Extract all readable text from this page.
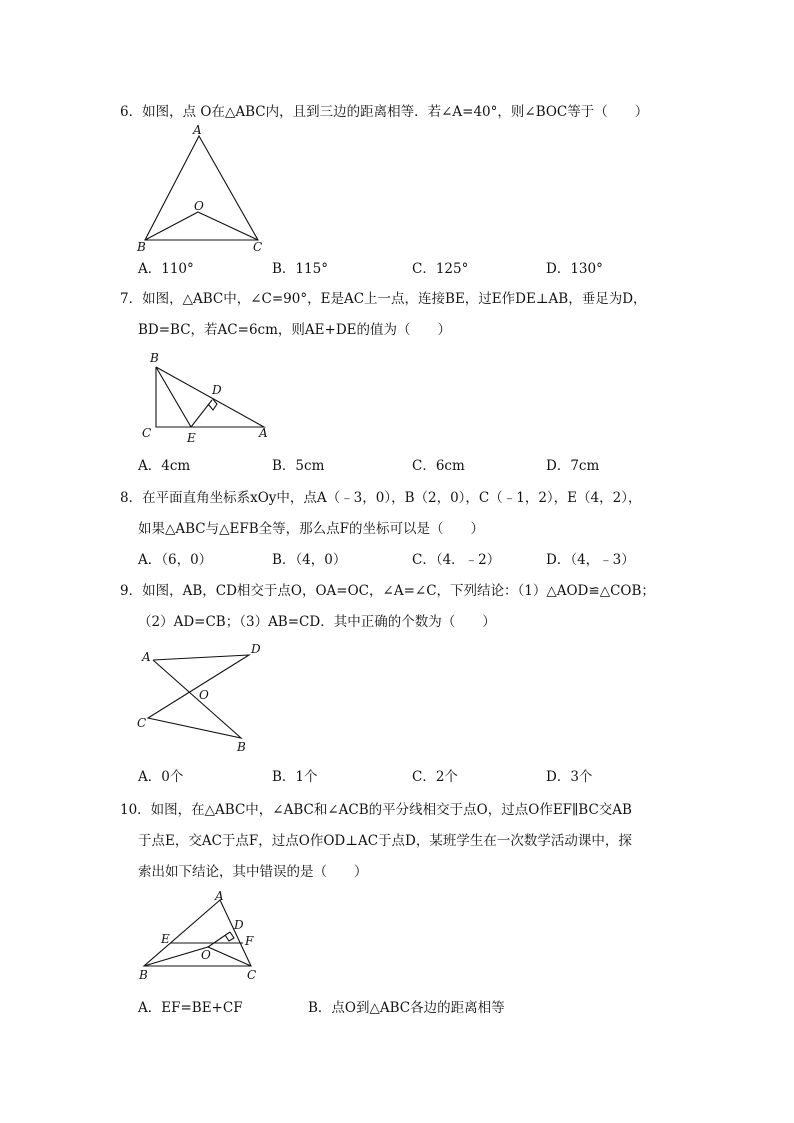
6．如图，点 O在△ABC内，且到三边的距离相等．若∠A=40°，则∠BOC等于（　　）
A
O
B	C
A．110°	B．115°	C．125°	D．130°
7．如图，△ABC中，∠C=90°，E是AC上一点，连接BE，过E作DE⊥AB，垂足为D，
BD=BC，若AC=6cm，则AE+DE的值为（　　）
B
D
C	E	A
A．4cm	B．5cm	C．6cm	D．7cm
8．在平面直角坐标系xOy中，点A（﹣3，0），B（2，0），C（﹣1，2），E（4，2），
如果△ABC与△EFB全等，那么点F的坐标可以是（　　）
A．（6，0）	B．（4，0）	C．（4．﹣2）	D．（4，﹣3）
9．如图，AB，CD相交于点O，OA=OC，∠A=∠C，下列结论：（1）△AOD≌△COB；
（2）AD=CB；（3）AB=CD．其中正确的个数为（　　）
A
D
O
C
B
A．0个	B．1个	C．2个	D．3个
10．如图，在△ABC中，∠ABC和∠ACB的平分线相交于点O，过点O作EF∥BC交AB
于点E，交AC于点F，过点O作OD⊥AC于点D，某班学生在一次数学活动课中，探
索出如下结论，其中错误的是（　　）
A
D
E	F
O
B	C
A．EF=BE+CF	B．点O到△ABC各边的距离相等
